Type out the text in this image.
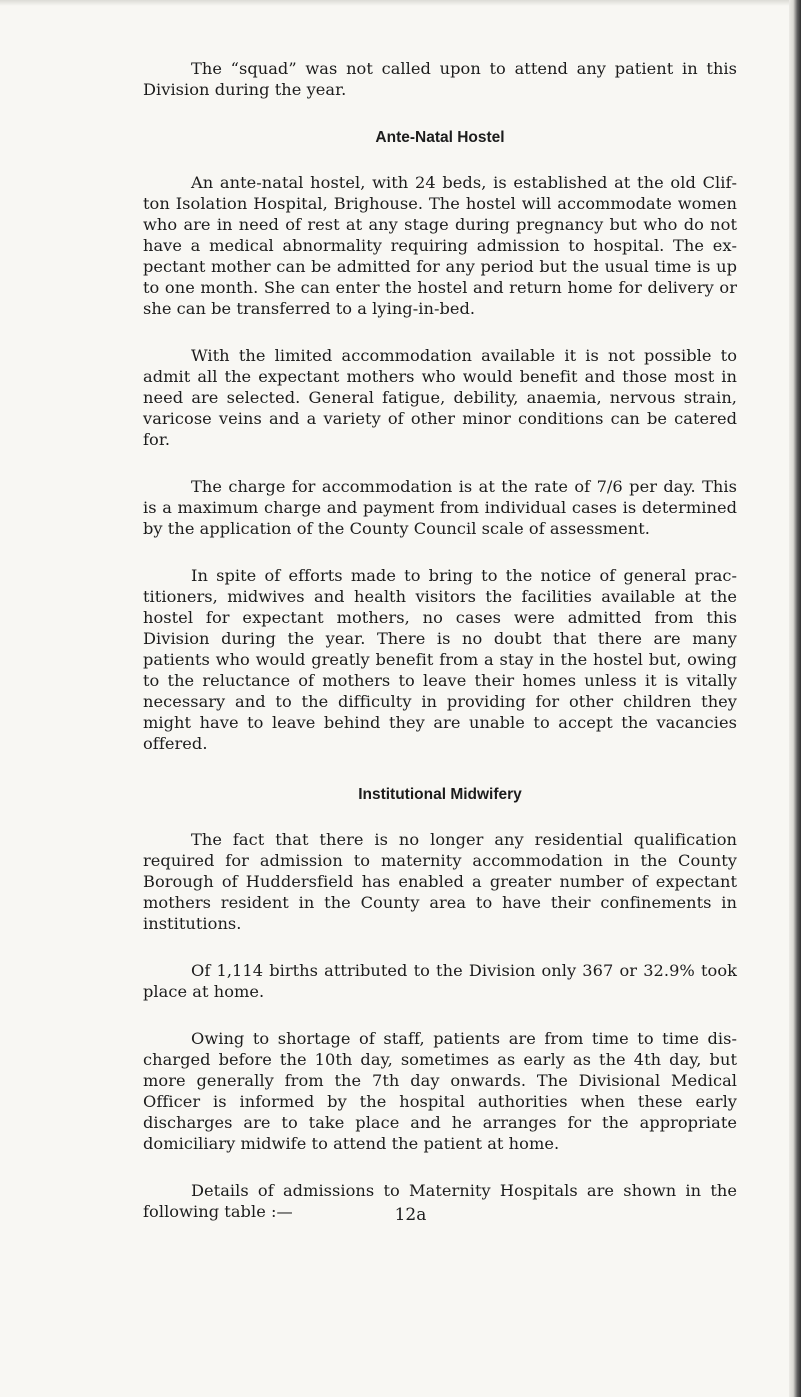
The “squad” was not called upon to attend any patient in this Division during the year.

Ante-Natal Hostel

An ante-natal hostel, with 24 beds, is established at the old Clifton Isolation Hospital, Brighouse. The hostel will accommodate women who are in need of rest at any stage during pregnancy but who do not have a medical abnormality requiring admission to hospital. The expectant mother can be admitted for any period but the usual time is up to one month. She can enter the hostel and return home for delivery or she can be transferred to a lying-in-bed.

With the limited accommodation available it is not possible to admit all the expectant mothers who would benefit and those most in need are selected. General fatigue, debility, anaemia, nervous strain, varicose veins and a variety of other minor conditions can be catered for.

The charge for accommodation is at the rate of 7/6 per day. This is a maximum charge and payment from individual cases is determined by the application of the County Council scale of assessment.

In spite of efforts made to bring to the notice of general practitioners, midwives and health visitors the facilities available at the hostel for expectant mothers, no cases were admitted from this Division during the year. There is no doubt that there are many patients who would greatly benefit from a stay in the hostel but, owing to the reluctance of mothers to leave their homes unless it is vitally necessary and to the difficulty in providing for other children they might have to leave behind they are unable to accept the vacancies offered.

Institutional Midwifery

The fact that there is no longer any residential qualification required for admission to maternity accommodation in the County Borough of Huddersfield has enabled a greater number of expectant mothers resident in the County area to have their confinements in institutions.

Of 1,114 births attributed to the Division only 367 or 32.9% took place at home.

Owing to shortage of staff, patients are from time to time discharged before the 10th day, sometimes as early as the 4th day, but more generally from the 7th day onwards. The Divisional Medical Officer is informed by the hospital authorities when these early discharges are to take place and he arranges for the appropriate domiciliary midwife to attend the patient at home.

Details of admissions to Maternity Hospitals are shown in the following table :—	12a
